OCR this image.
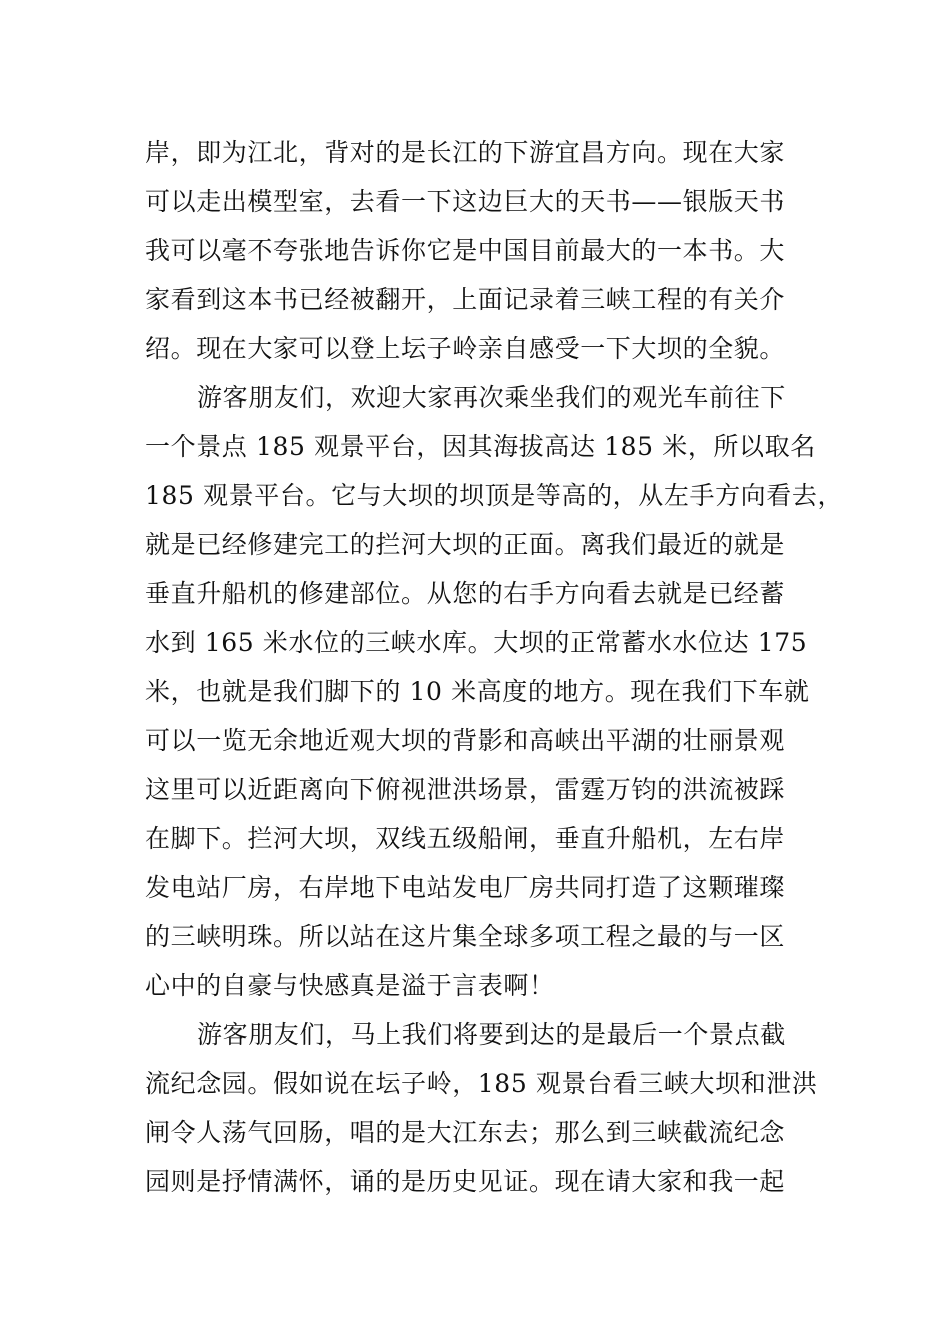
岸，即为江北，背对的是长江的下游宜昌方向。现在大家
可以走出模型室，去看一下这边巨大的天书——银版天书
我可以毫不夸张地告诉你它是中国目前最大的一本书。大
家看到这本书已经被翻开，上面记录着三峡工程的有关介
绍。现在大家可以登上坛子岭亲自感受一下大坝的全貌。
游客朋友们，欢迎大家再次乘坐我们的观光车前往下
一个景点 185 观景平台，因其海拔高达 185 米，所以取名
185 观景平台。它与大坝的坝顶是等高的，从左手方向看去，
就是已经修建完工的拦河大坝的正面。离我们最近的就是
垂直升船机的修建部位。从您的右手方向看去就是已经蓄
水到 165 米水位的三峡水库。大坝的正常蓄水水位达 175
米，也就是我们脚下的 10 米高度的地方。现在我们下车就
可以一览无余地近观大坝的背影和高峡出平湖的壮丽景观
这里可以近距离向下俯视泄洪场景，雷霆万钧的洪流被踩
在脚下。拦河大坝，双线五级船闸，垂直升船机，左右岸
发电站厂房，右岸地下电站发电厂房共同打造了这颗璀璨
的三峡明珠。所以站在这片集全球多项工程之最的与一区
心中的自豪与快感真是溢于言表啊！
游客朋友们，马上我们将要到达的是最后一个景点截
流纪念园。假如说在坛子岭，185 观景台看三峡大坝和泄洪
闸令人荡气回肠，唱的是大江东去；那么到三峡截流纪念
园则是抒情满怀，诵的是历史见证。现在请大家和我一起
